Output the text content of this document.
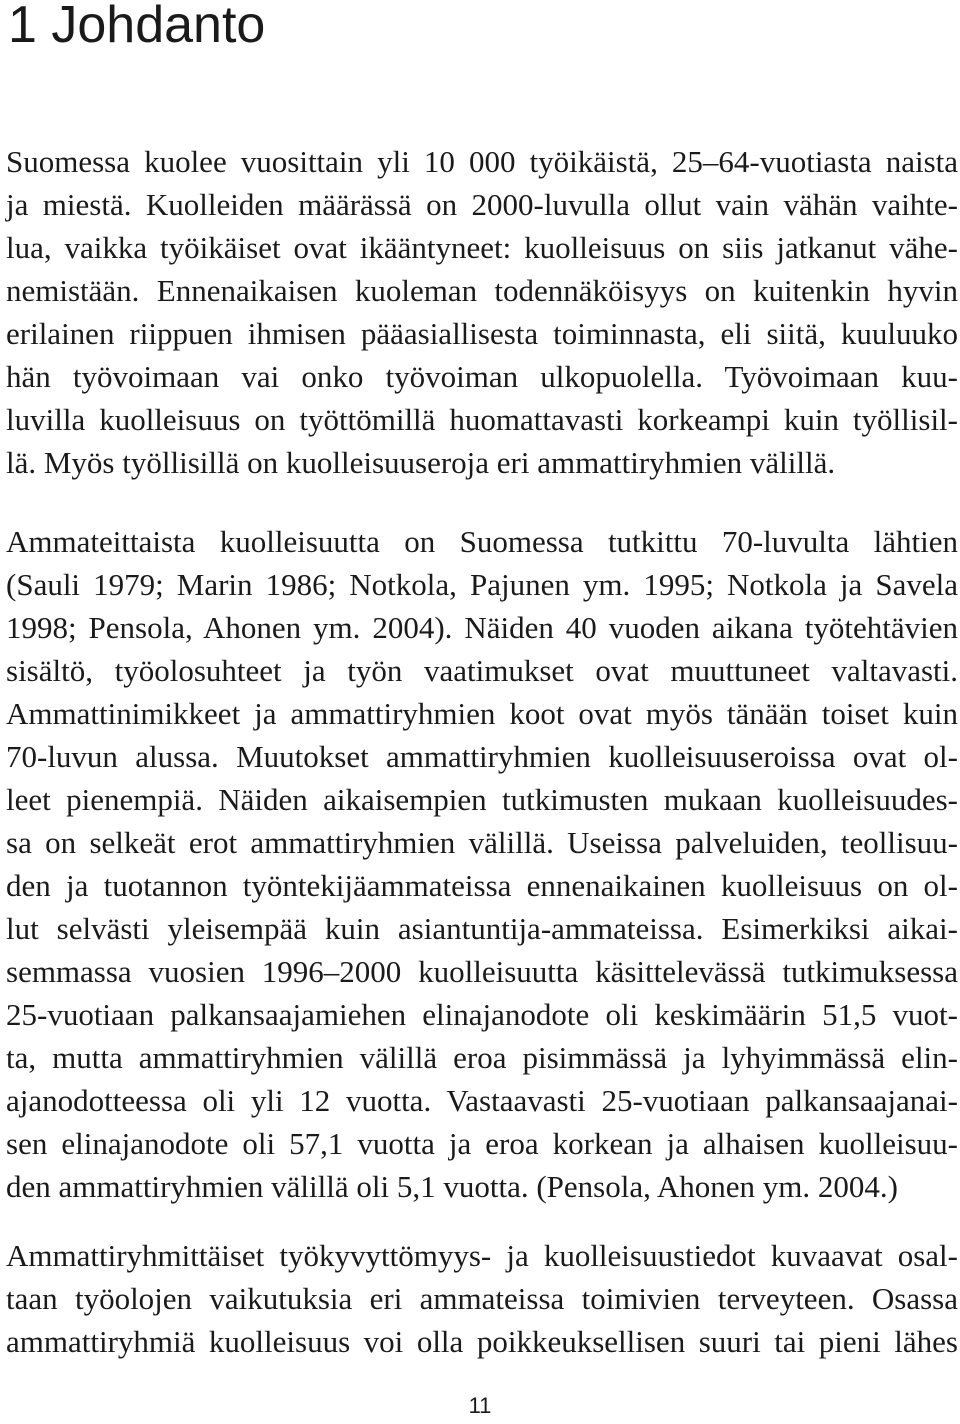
1 Johdanto
Suomessa kuolee vuosittain yli 10 000 työikäistä, 25–64-vuotiasta naista
ja miestä. Kuolleiden määrässä on 2000-luvulla ollut vain vähän vaihte-
lua, vaikka työikäiset ovat ikääntyneet: kuolleisuus on siis jatkanut vähe-
nemistään. Ennenaikaisen kuoleman todennäköisyys on kuitenkin hyvin
erilainen riippuen ihmisen pääasiallisesta toiminnasta, eli siitä, kuuluuko
hän työvoimaan vai onko työvoiman ulkopuolella. Työvoimaan kuu-
luvilla kuolleisuus on työttömillä huomattavasti korkeampi kuin työllisil-
lä. Myös työllisillä on kuolleisuuseroja eri ammattiryhmien välillä.
Ammateittaista kuolleisuutta on Suomessa tutkittu 70-luvulta lähtien
(Sauli 1979; Marin 1986; Notkola, Pajunen ym. 1995; Notkola ja Savela
1998; Pensola, Ahonen ym. 2004). Näiden 40 vuoden aikana työtehtävien
sisältö, työolosuhteet ja työn vaatimukset ovat muuttuneet valtavasti.
Ammattinimikkeet ja ammattiryhmien koot ovat myös tänään toiset kuin
70-luvun alussa. Muutokset ammattiryhmien kuolleisuuseroissa ovat ol-
leet pienempiä. Näiden aikaisempien tutkimusten mukaan kuolleisuudes-
sa on selkeät erot ammattiryhmien välillä. Useissa palveluiden, teollisuu-
den ja tuotannon työntekijäammateissa ennenaikainen kuolleisuus on ol-
lut selvästi yleisempää kuin asiantuntija-ammateissa. Esimerkiksi aikai-
semmassa vuosien 1996–2000 kuolleisuutta käsittelevässä tutkimuksessa
25-vuotiaan palkansaajamiehen elinajanodote oli keskimäärin 51,5 vuot-
ta, mutta ammattiryhmien välillä eroa pisimmässä ja lyhyimmässä elin-
ajanodotteessa oli yli 12 vuotta. Vastaavasti 25-vuotiaan palkansaajanai-
sen elinajanodote oli 57,1 vuotta ja eroa korkean ja alhaisen kuolleisuu-
den ammattiryhmien välillä oli 5,1 vuotta. (Pensola, Ahonen ym. 2004.)
Ammattiryhmittäiset työkyvyttömyys- ja kuolleisuustiedot kuvaavat osal-
taan työolojen vaikutuksia eri ammateissa toimivien terveyteen. Osassa
ammattiryhmiä kuolleisuus voi olla poikkeuksellisen suuri tai pieni lähes
11
